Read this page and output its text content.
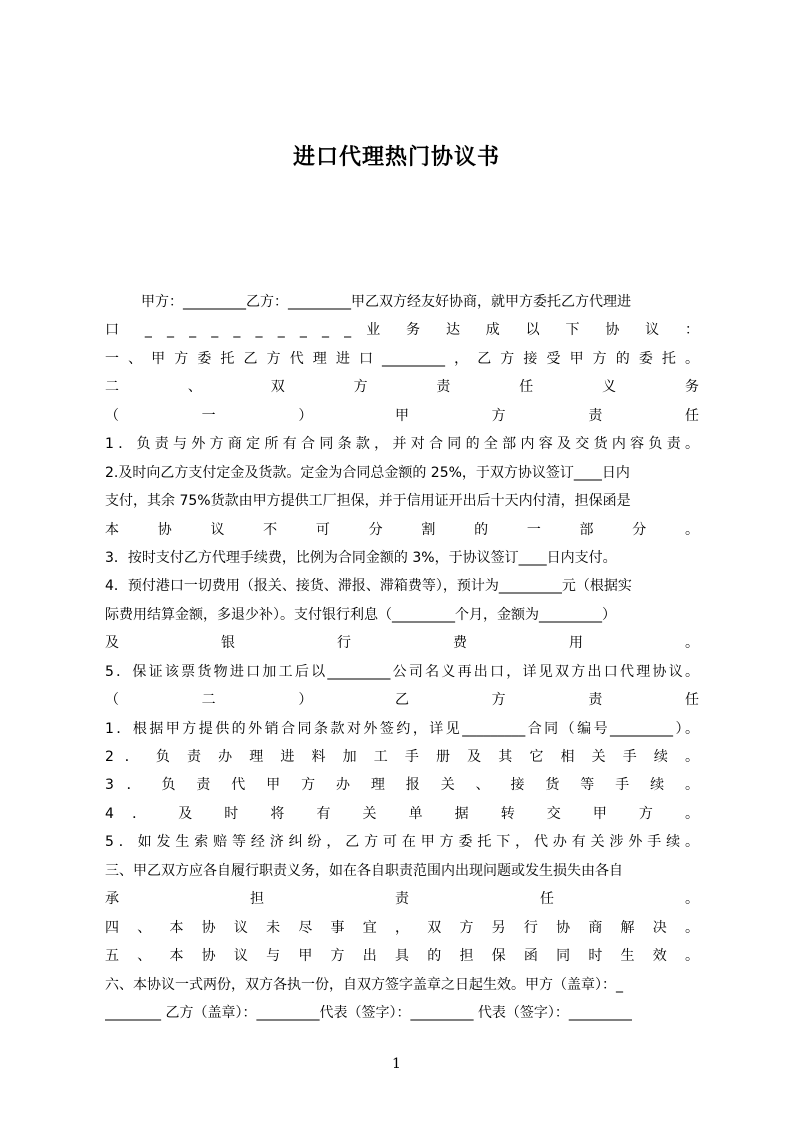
进口代理热门协议书
甲方：_________乙方：_________甲乙双方经友好协商，就甲方委托乙方代理进
口 _ _ _ _ _ _ _ _ _ _ 业 务 达 成 以 下 协 议 ：
一、甲方委托乙方代理进口_________，乙方接受甲方的委托。
二 、 双 方 责 任 义 务
（ 一 ） 甲 方 责 任
1．负责与外方商定所有合同条款，并对合同的全部内容及交货内容负责。
2.及时向乙方支付定金及货款。定金为合同总金额的 25%，于双方协议签订____日内
支付，其余 75%货款由甲方提供工厂担保，并于信用证开出后十天内付清，担保函是
本 协 议 不 可 分 割 的 一 部 分 。
3．按时支付乙方代理手续费，比例为合同金额的 3%，于协议签订____日内支付。
4．预付港口一切费用（报关、接货、滞报、滞箱费等），预计为_________元（根据实
际费用结算金额，多退少补）。支付银行利息（_________个月，金额为_________）
及 银 行 费 用 。
5．保证该票货物进口加工后以_________公司名义再出口，详见双方出口代理协议。
（ 二 ） 乙 方 责 任
1．根据甲方提供的外销合同条款对外签约，详见_________合同（编号_________）。
2 ． 负 责 办 理 进 料 加 工 手 册 及 其 它 相 关 手 续 。
3 ． 负 责 代 甲 方 办 理 报 关 、 接 货 等 手 续 。
4 ． 及 时 将 有 关 单 据 转 交 甲 方 。
5．如发生索赔等经济纠纷，乙方可在甲方委托下，代办有关涉外手续。
三、甲乙双方应各自履行职责义务，如在各自职责范围内出现问题或发生损失由各自
承 担 责 任 。
四 、 本 协 议 未 尽 事 宜 ， 双 方 另 行 协 商 解 决 。
五 、 本 协 议 与 甲 方 出 具 的 担 保 函 同 时 生 效 。
六、本协议一式两份，双方各执一份，自双方签字盖章之日起生效。甲方（盖章）：_
________ 乙方（盖章）：_________代表（签字）：_________ 代表（签字）：_________
1
